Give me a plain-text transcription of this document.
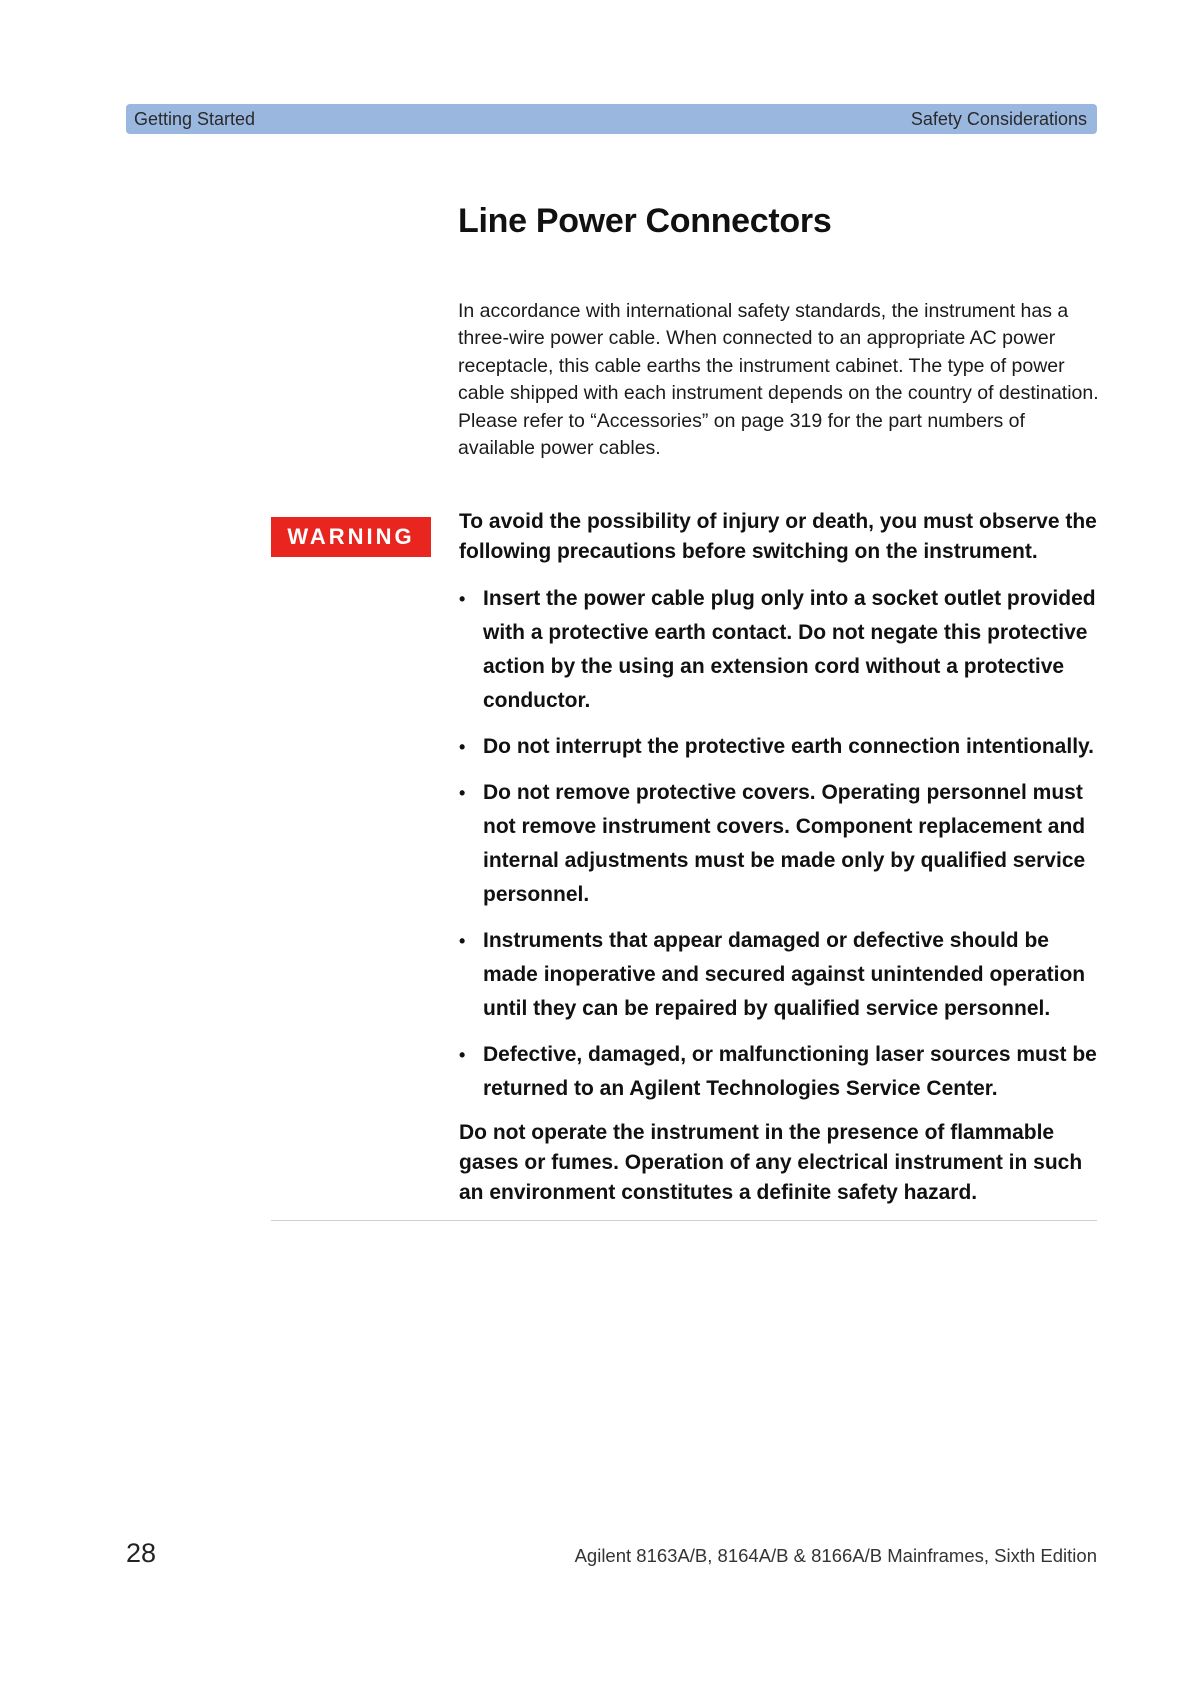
Getting Started	Safety Considerations
Line Power Connectors

In accordance with international safety standards, the instrument has a three-wire power cable. When connected to an appropriate AC power receptacle, this cable earths the instrument cabinet. The type of power cable shipped with each instrument depends on the country of destination. Please refer to “Accessories” on page 319 for the part numbers of available power cables.

WARNING

To avoid the possibility of injury or death, you must observe the following precautions before switching on the instrument.

• Insert the power cable plug only into a socket outlet provided with a protective earth contact. Do not negate this protective action by the using an extension cord without a protective conductor.
• Do not interrupt the protective earth connection intentionally.
• Do not remove protective covers. Operating personnel must not remove instrument covers. Component replacement and internal adjustments must be made only by qualified service personnel.
• Instruments that appear damaged or defective should be made inoperative and secured against unintended operation until they can be repaired by qualified service personnel.
• Defective, damaged, or malfunctioning laser sources must be returned to an Agilent Technologies Service Center.

Do not operate the instrument in the presence of flammable gases or fumes. Operation of any electrical instrument in such an environment constitutes a definite safety hazard.

28	Agilent 8163A/B, 8164A/B & 8166A/B Mainframes, Sixth Edition
